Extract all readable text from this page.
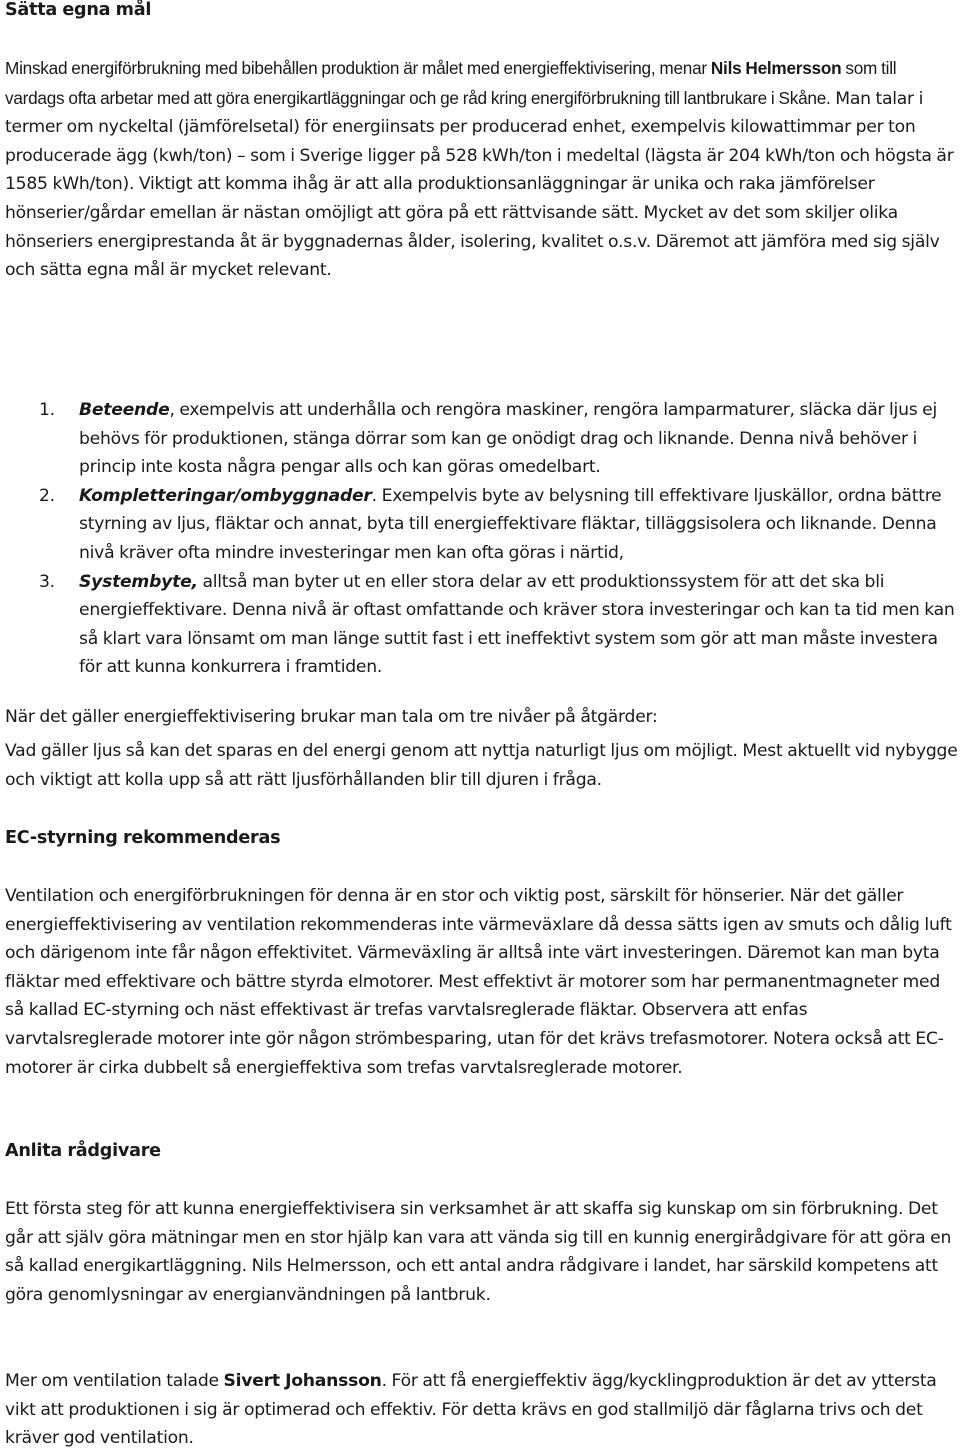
Sätta egna mål

Minskad energiförbrukning med bibehållen produktion är målet med energieffektivisering, menar Nils Helmersson som till vardags ofta arbetar med att göra energikartläggningar och ge råd kring energiförbrukning till lantbrukare i Skåne. Man talar i termer om nyckeltal (jämförelsetal) för energiinsats per producerad enhet, exempelvis kilowattimmar per ton producerade ägg (kwh/ton) – som i Sverige ligger på 528 kWh/ton i medeltal (lägsta är 204 kWh/ton och högsta är 1585 kWh/ton). Viktigt att komma ihåg är att alla produktionsanläggningar är unika och raka jämförelser hönserier/gårdar emellan är nästan omöjligt att göra på ett rättvisande sätt. Mycket av det som skiljer olika hönseriers energiprestanda åt är byggnadernas ålder, isolering, kvalitet o.s.v. Däremot att jämföra med sig själv och sätta egna mål är mycket relevant.

När det gäller energieffektivisering brukar man tala om tre nivåer på åtgärder:

1. Beteende, exempelvis att underhålla och rengöra maskiner, rengöra lamparmaturer, släcka där ljus ej behövs för produktionen, stänga dörrar som kan ge onödigt drag och liknande. Denna nivå behöver i princip inte kosta några pengar alls och kan göras omedelbart.
2. Kompletteringar/ombyggnader. Exempelvis byte av belysning till effektivare ljuskällor, ordna bättre styrning av ljus, fläktar och annat, byta till energieffektivare fläktar, tilläggsisolera och liknande. Denna nivå kräver ofta mindre investeringar men kan ofta göras i närtid,
3. Systembyte, alltså man byter ut en eller stora delar av ett produktionssystem för att det ska bli energieffektivare. Denna nivå är oftast omfattande och kräver stora investeringar och kan ta tid men kan så klart vara lönsamt om man länge suttit fast i ett ineffektivt system som gör att man måste investera för att kunna konkurrera i framtiden.

Vad gäller ljus så kan det sparas en del energi genom att nyttja naturligt ljus om möjligt. Mest aktuellt vid nybygge och viktigt att kolla upp så att rätt ljusförhållanden blir till djuren i fråga.

EC-styrning rekommenderas

Ventilation och energiförbrukningen för denna är en stor och viktig post, särskilt för hönserier. När det gäller energieffektivisering av ventilation rekommenderas inte värmeväxlare då dessa sätts igen av smuts och dålig luft och därigenom inte får någon effektivitet. Värmeväxling är alltså inte värt investeringen. Däremot kan man byta fläktar med effektivare och bättre styrda elmotorer. Mest effektivt är motorer som har permanentmagneter med så kallad EC-styrning och näst effektivast är trefas varvtalsreglerade fläktar. Observera att enfas varvtalsreglerade motorer inte gör någon strömbesparing, utan för det krävs trefasmotorer. Notera också att EC-motorer är cirka dubbelt så energieffektiva som trefas varvtalsreglerade motorer.

Anlita rådgivare

Ett första steg för att kunna energieffektivisera sin verksamhet är att skaffa sig kunskap om sin förbrukning. Det går att själv göra mätningar men en stor hjälp kan vara att vända sig till en kunnig energirådgivare för att göra en så kallad energikartläggning. Nils Helmersson, och ett antal andra rådgivare i landet, har särskild kompetens att göra genomlysningar av energianvändningen på lantbruk.

Mer om ventilation talade Sivert Johansson. För att få energieffektiv ägg/kycklingproduktion är det av yttersta vikt att produktionen i sig är optimerad och effektiv. För detta krävs en god stallmiljö där fåglarna trivs och det kräver god ventilation.
